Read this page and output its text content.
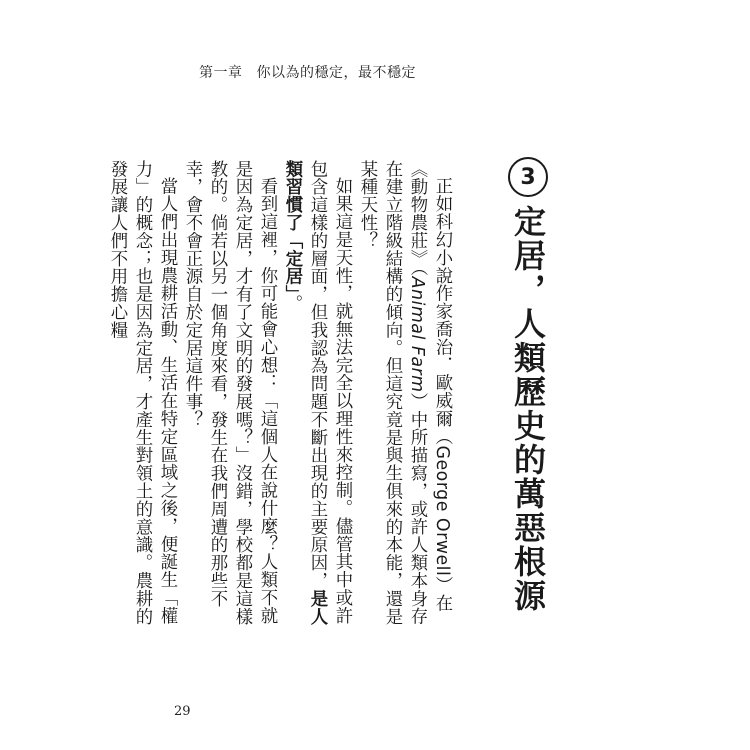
第一章 你以為的穩定，最不穩定
3
定居，人類歷史的萬惡根源

正如科幻小說作家喬治．歐威爾（George Orwell）在《動物農莊》（Animal Farm）中所描寫，或許人類本身存在建立階級結構的傾向。但這究竟是與生俱來的本能，還是某種天性？

如果這是天性，就無法完全以理性來控制。儘管其中或許包含這樣的層面，但我認為問題不斷出現的主要原因，是人類習慣了「定居」。

看到這裡，你可能會心想：「這個人在說什麼？人類不就是因為定居，才有了文明的發展嗎？」沒錯，學校都是這樣教的。倘若以另一個角度來看，發生在我們周遭的那些不幸，會不會正源自於定居這件事？

當人們出現農耕活動、生活在特定區域之後，便誕生「權力」的概念；也是因為定居，才產生對領土的意識。農耕的發展讓人們不用擔心糧

29
